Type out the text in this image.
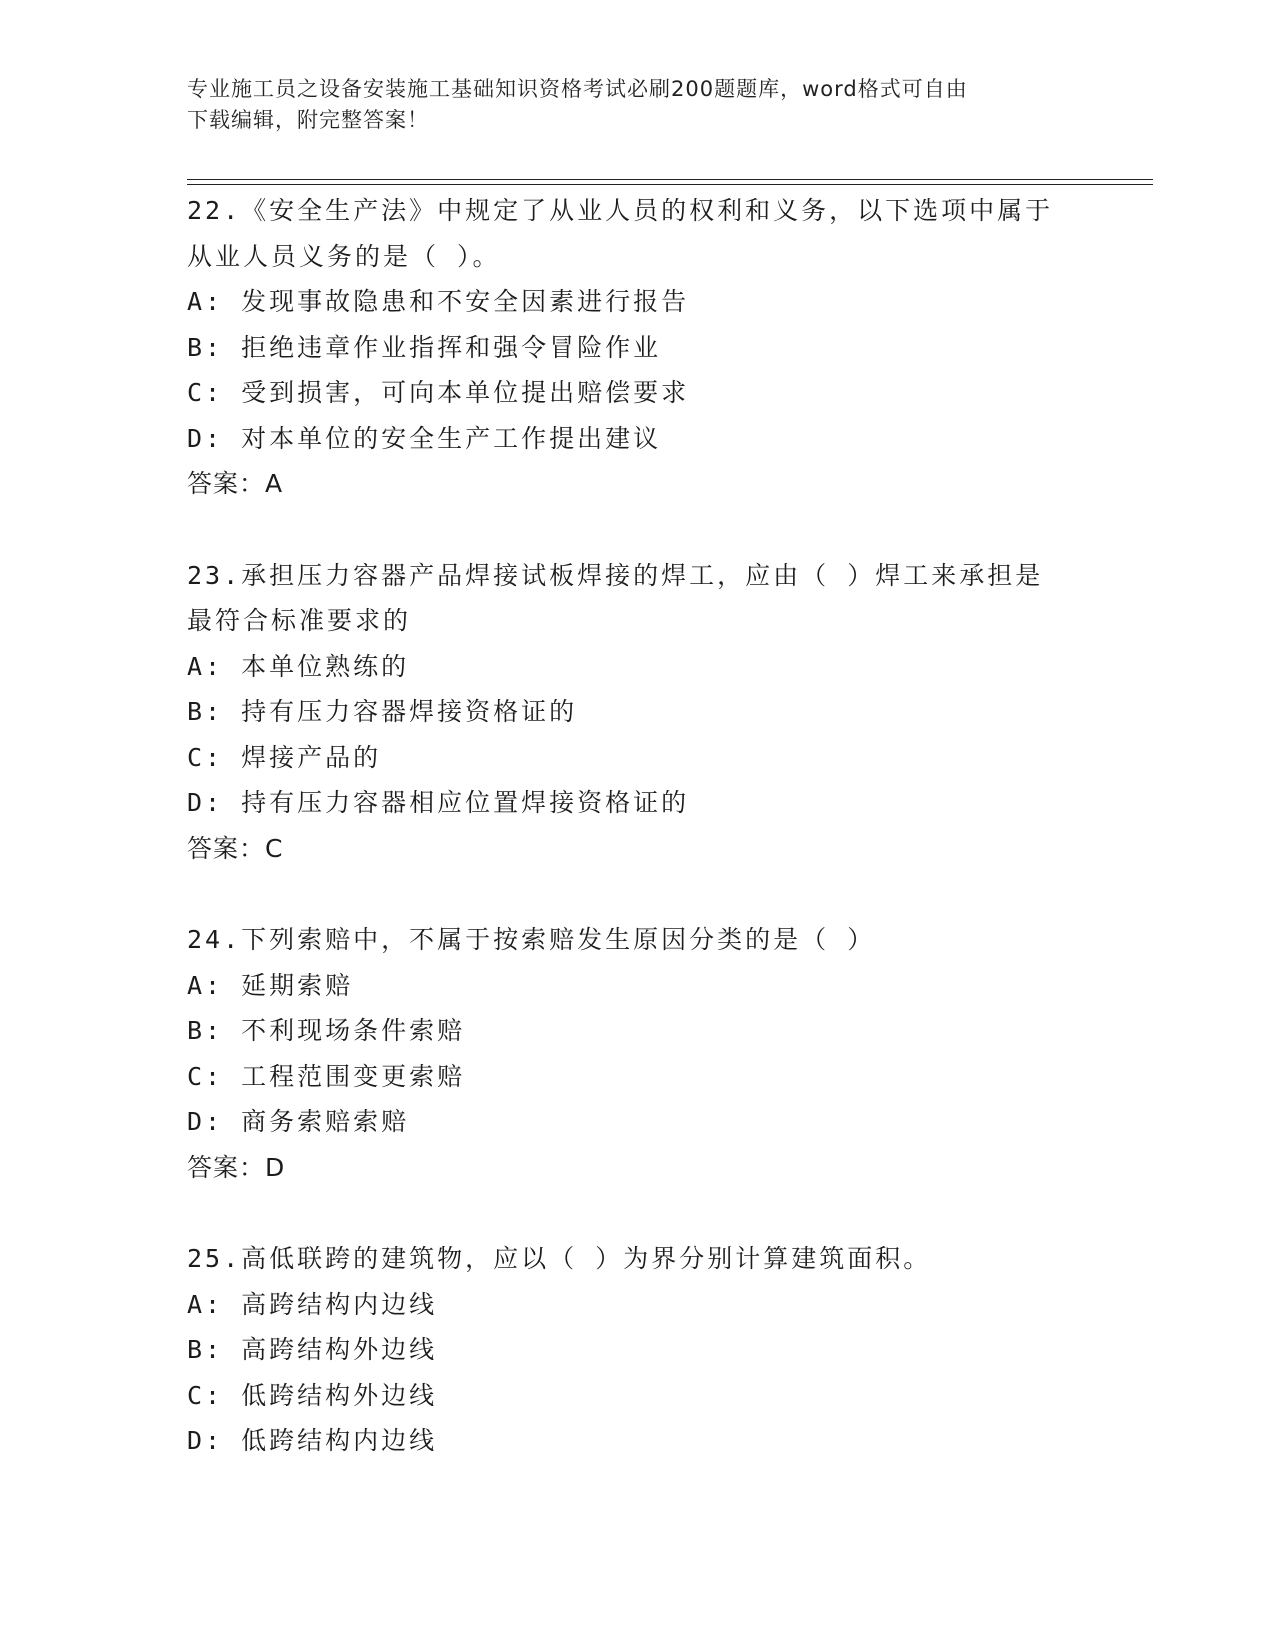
专业施工员之设备安装施工基础知识资格考试必刷200题题库，word格式可自由
下载编辑，附完整答案！

22.《安全生产法》中规定了从业人员的权利和义务，以下选项中属于

从业人员义务的是（ ）。

A: 发现事故隐患和不安全因素进行报告

B: 拒绝违章作业指挥和强令冒险作业

C: 受到损害，可向本单位提出赔偿要求

D: 对本单位的安全生产工作提出建议

答案：A

23.承担压力容器产品焊接试板焊接的焊工，应由（ ）焊工来承担是

最符合标准要求的

A: 本单位熟练的

B: 持有压力容器焊接资格证的

C: 焊接产品的

D: 持有压力容器相应位置焊接资格证的

答案：C

24.下列索赔中，不属于按索赔发生原因分类的是（ ）

A: 延期索赔

B: 不利现场条件索赔

C: 工程范围变更索赔

D: 商务索赔索赔

答案：D

25.高低联跨的建筑物，应以（ ）为界分别计算建筑面积。

A: 高跨结构内边线

B: 高跨结构外边线

C: 低跨结构外边线

D: 低跨结构内边线
